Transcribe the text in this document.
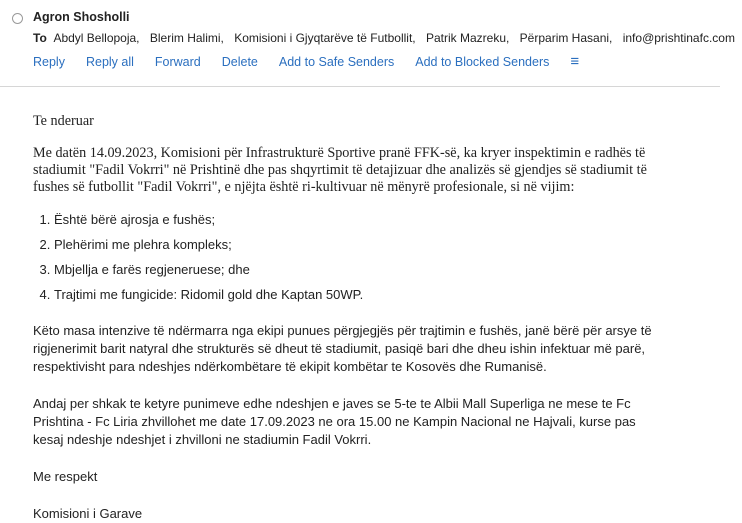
Agron Shosholli
To Abdyl Bellopoja, Blerim Halimi, Komisioni i Gjyqtarëve të Futbollit, Patrik Mazreku, Përparim Hasani, info@prishtinafc.com
Reply Reply all Forward Delete Add to Safe Senders Add to Blocked Senders ≡

Te nderuar

Me datën 14.09.2023, Komisioni për Infrastrukturë Sportive pranë FFK-së, ka kryer inspektimin e radhës të stadiumit "Fadil Vokrri" në Prishtinë dhe pas shqyrtimit të detajizuar dhe analizës së gjendjes së stadiumit të fushes së futbollit "Fadil Vokrri", e njëjta është ri-kultivuar në mënyrë profesionale, si në vijim:

1. Është bërë ajrosja e fushës;
2. Plehërimi me plehra kompleks;
3. Mbjellja e farës regjeneruese; dhe
4. Trajtimi me fungicide: Ridomil gold dhe Kaptan 50WP.

Këto masa intenzive të ndërmarra nga ekipi punues përgjegjës për trajtimin e fushës, janë bërë për arsye të rigjenerimit barit natyral dhe strukturës së dheut të stadiumit, pasiqë bari dhe dheu ishin infektuar më parë, respektivisht para ndeshjes ndërkombëtare të ekipit kombëtar te Kosovës dhe Rumanisë.

Andaj per shkak te ketyre punimeve edhe ndeshjen e javes se 5-te te Albii Mall Superliga ne mese te Fc Prishtina - Fc Liria zhvillohet me date 17.09.2023 ne ora 15.00 ne Kampin Nacional ne Hajvali, kurse pas kesaj ndeshje ndeshjet i zhvilloni ne stadiumin Fadil Vokrri.

Me respekt

Komisioni i Garave
